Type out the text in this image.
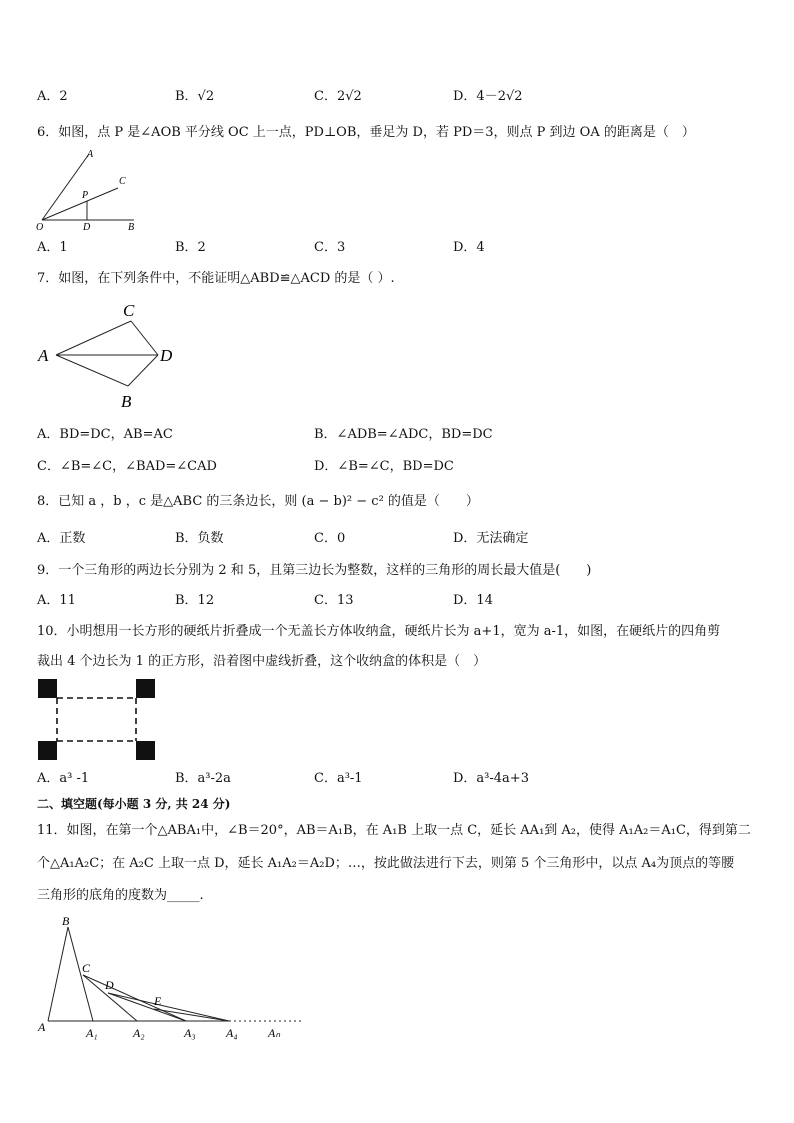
A．2	B．√2	C．2√2	D．4－2√2
6．如图，点 P 是∠AOB 平分线 OC 上一点，PD⊥OB，垂足为 D，若 PD＝3，则点 P 到边 OA 的距离是（　）
A
C
P
O	D	B
A．1	B．2	C．3	D．4
7．如图，在下列条件中，不能证明△ABD≌△ACD 的是（ ）.
A
C
D
B
A．BD=DC，AB=AC	B．∠ADB=∠ADC，BD=DC
C．∠B=∠C，∠BAD=∠CAD	D．∠B=∠C，BD=DC
8．已知 a ，b ，c 是△ABC 的三条边长，则 (a − b)² − c² 的值是（　　）
A．正数	B．负数	C．0	D．无法确定
9．一个三角形的两边长分别为 2 和 5，且第三边长为整数，这样的三角形的周长最大值是(　　)
A．11	B．12	C．13	D．14
10．小明想用一长方形的硬纸片折叠成一个无盖长方体收纳盒，硬纸片长为 a+1，宽为 a-1，如图，在硬纸片的四角剪
裁出 4 个边长为 1 的正方形，沿着图中虚线折叠，这个收纳盒的体积是（　）
A．a³ -1	B．a³-2a	C．a³-1	D．a³-4a+3
二、填空题(每小题 3 分, 共 24 分)
11．如图，在第一个△ABA₁中，∠B＝20°，AB＝A₁B，在 A₁B 上取一点 C，延长 AA₁到 A₂，使得 A₁A₂＝A₁C，得到第二
个△A₁A₂C；在 A₂C 上取一点 D，延长 A₁A₂＝A₂D；…，按此做法进行下去，则第 5 个三角形中，以点 A₄为顶点的等腰
三角形的底角的度数为_____.
B
C
D
E
A	A₁	A₂	A₃	A₄	Aₙ
